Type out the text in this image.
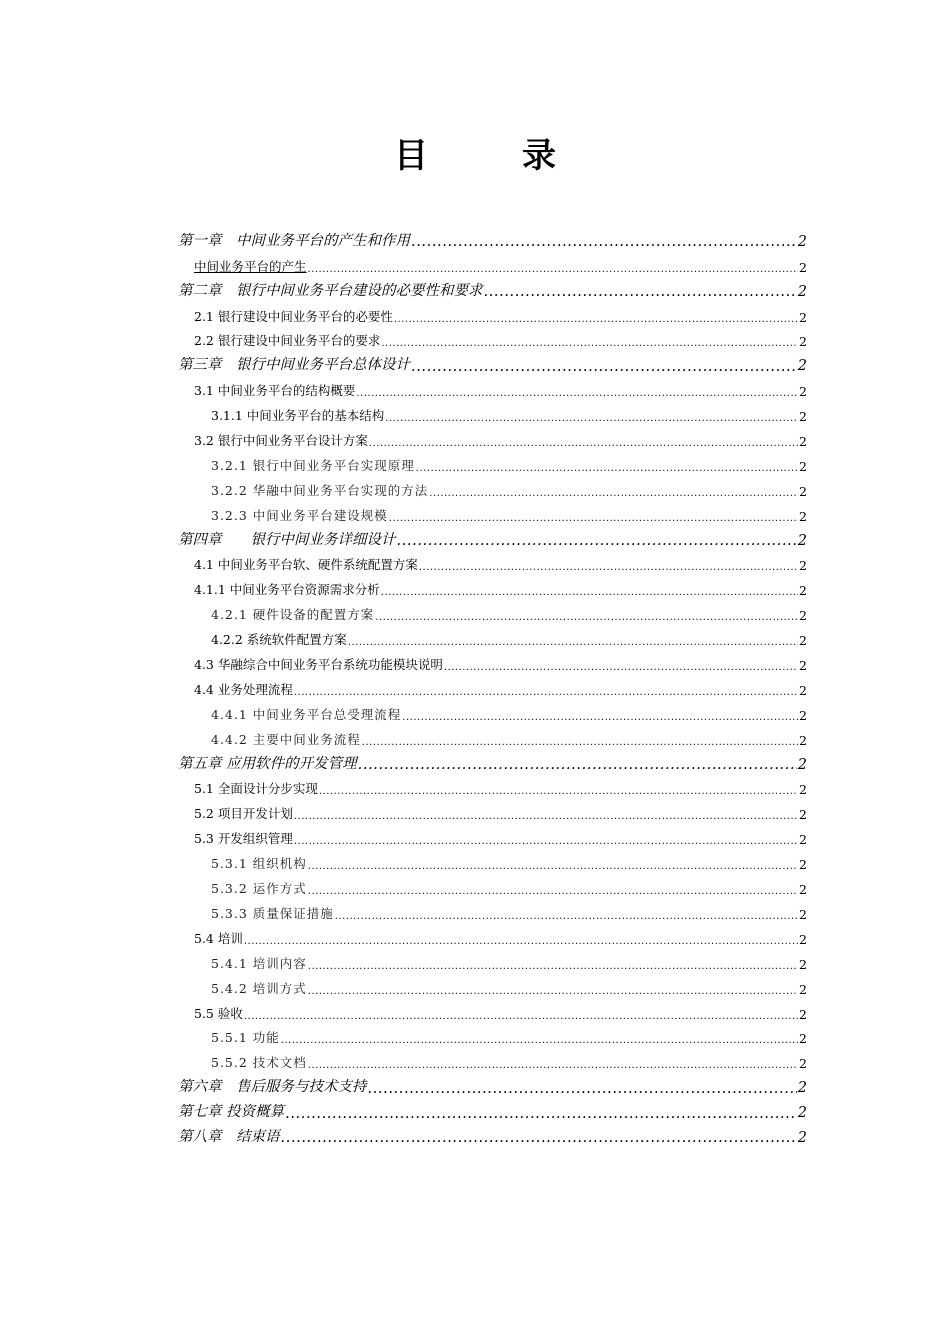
目　录
第一章　中间业务平台的产生和作用 .....	2
中间业务平台的产生 .....	2
第二章　银行中间业务平台建设的必要性和要求 .....	2
2.1 银行建设中间业务平台的必要性 .....	2
2.2 银行建设中间业务平台的要求 .....	2
第三章　银行中间业务平台总体设计 .....	2
3.1 中间业务平台的结构概要 .....	2
3.1.1 中间业务平台的基本结构 .....	2
3.2 银行中间业务平台设计方案 .....	2
3.2.1 银行中间业务平台实现原理 .....	2
3.2.2 华融中间业务平台实现的方法 .....	2
3.2.3 中间业务平台建设规模 .....	2
第四章　　银行中间业务详细设计 .....	2
4.1 中间业务平台软、硬件系统配置方案 .....	2
4.1.1 中间业务平台资源需求分析 .....	2
4.2.1 硬件设备的配置方案 .....	2
4.2.2 系统软件配置方案 .....	2
4.3 华融综合中间业务平台系统功能模块说明 .....	2
4.4 业务处理流程 .....	2
4.4.1 中间业务平台总受理流程 .....	2
4.4.2 主要中间业务流程 .....	2
第五章 应用软件的开发管理 .....	2
5.1 全面设计分步实现 .....	2
5.2 项目开发计划 .....	2
5.3 开发组织管理 .....	2
5.3.1 组织机构 .....	2
5.3.2 运作方式 .....	2
5.3.3 质量保证措施 .....	2
5.4 培训 .....	2
5.4.1 培训内容 .....	2
5.4.2 培训方式 .....	2
5.5 验收 .....	2
5.5.1 功能 .....	2
5.5.2 技术文档 .....	2
第六章　售后服务与技术支持 .....	2
第七章 投资概算 .....	2
第八章　结束语 .....	2
